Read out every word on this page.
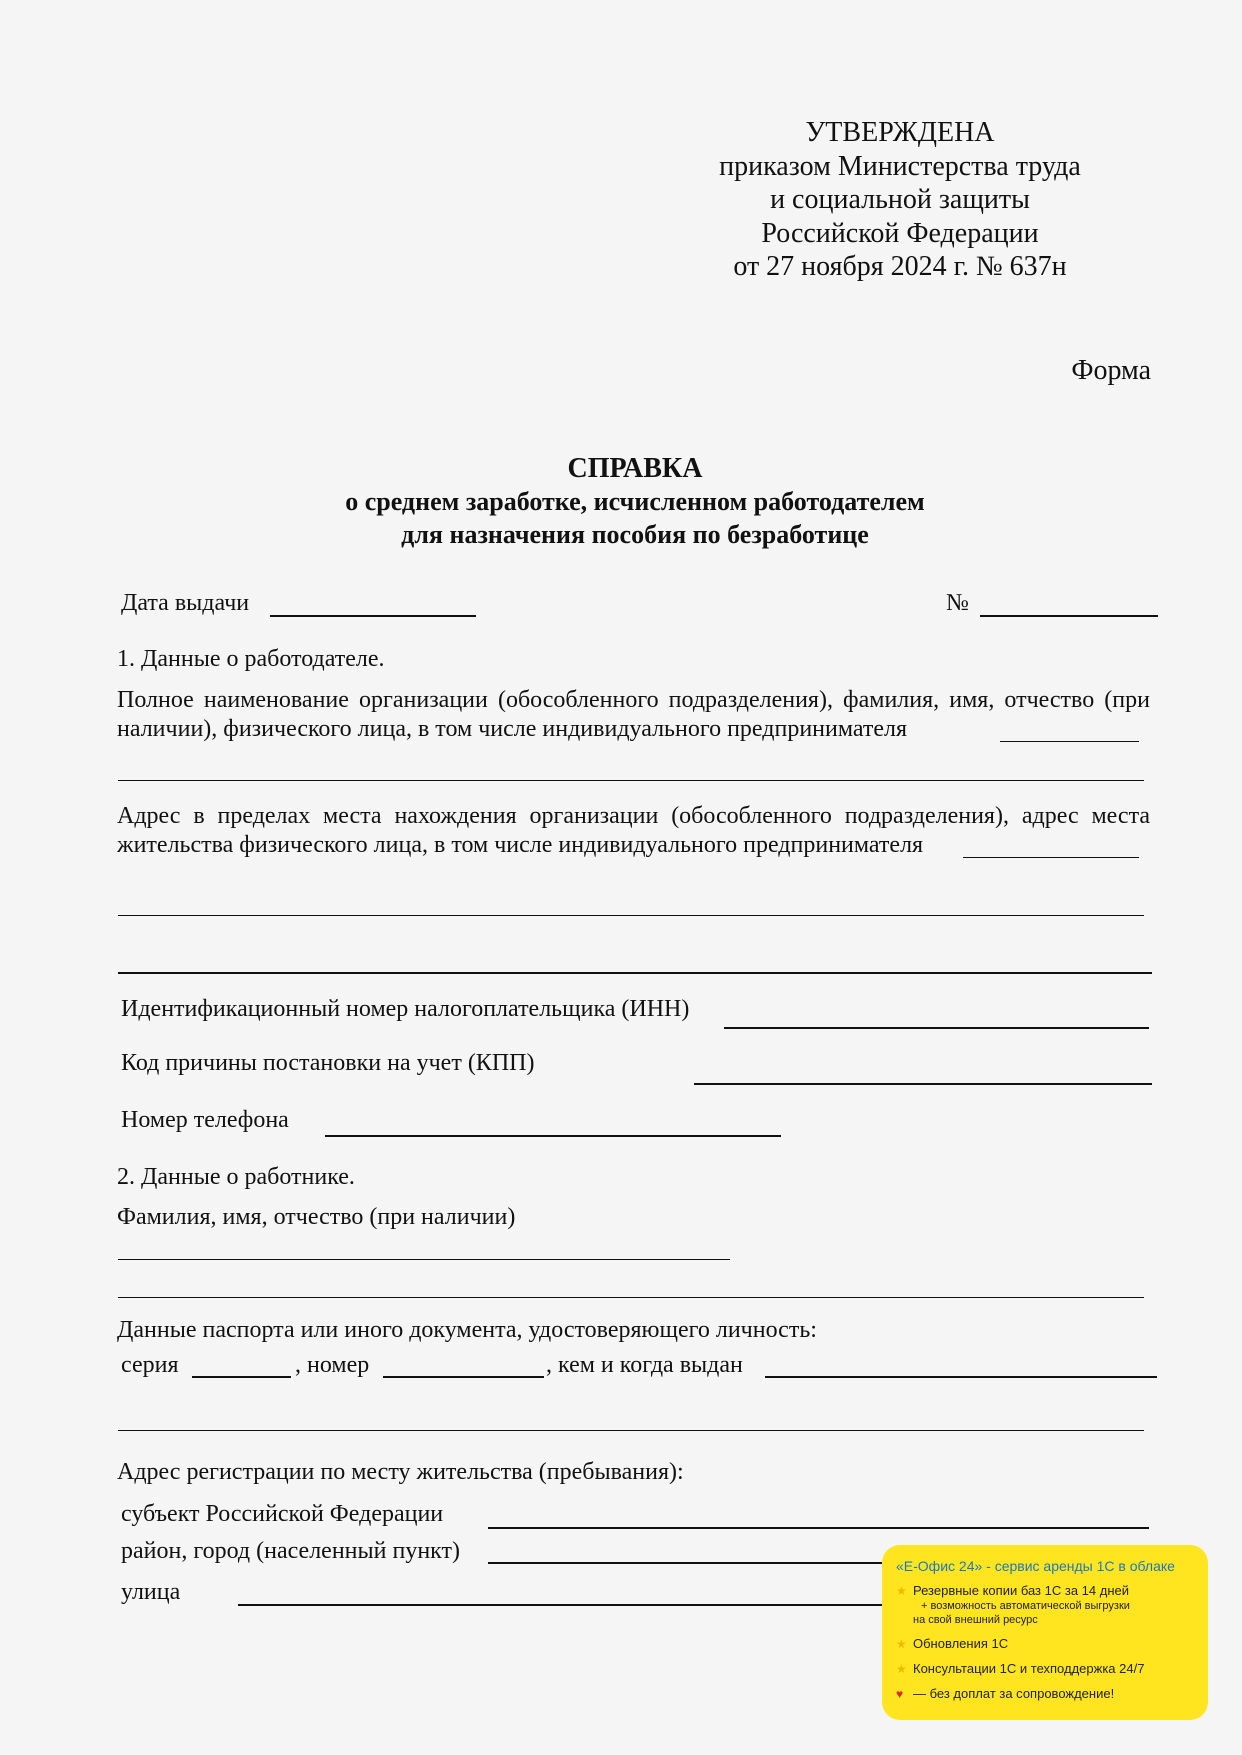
УТВЕРЖДЕНА
приказом Министерства труда
и социальной защиты
Российской Федерации
от 27 ноября 2024 г. № 637н
Форма
СПРАВКА
о среднем заработке, исчисленном работодателем
для назначения пособия по безработице
Дата выдачи	№
1. Данные о работодателе.
Полное наименование организации (обособленного подразделения), фамилия, имя, отчество (при наличии), физического лица, в том числе индивидуального предпринимателя
Адрес в пределах места нахождения организации (обособленного подразделения), адрес места жительства физического лица, в том числе индивидуального предпринимателя
Идентификационный номер налогоплательщика (ИНН)
Код причины постановки на учет (КПП)
Номер телефона
2. Данные о работнике.
Фамилия, имя, отчество (при наличии)
Данные паспорта или иного документа, удостоверяющего личность:
серия	, номер	, кем и когда выдан
Адрес регистрации по месту жительства (пребывания):
субъект Российской Федерации
район, город (населенный пункт)
улица
«Е-Офис 24» - сервис аренды 1С в облаке
★ Резервные копии баз 1С за 14 дней
+ возможность автоматической выгрузки
на свой внешний ресурс
★ Обновления 1С
★ Консультации 1С и техподдержка 24/7
♥ — без доплат за сопровождение!
